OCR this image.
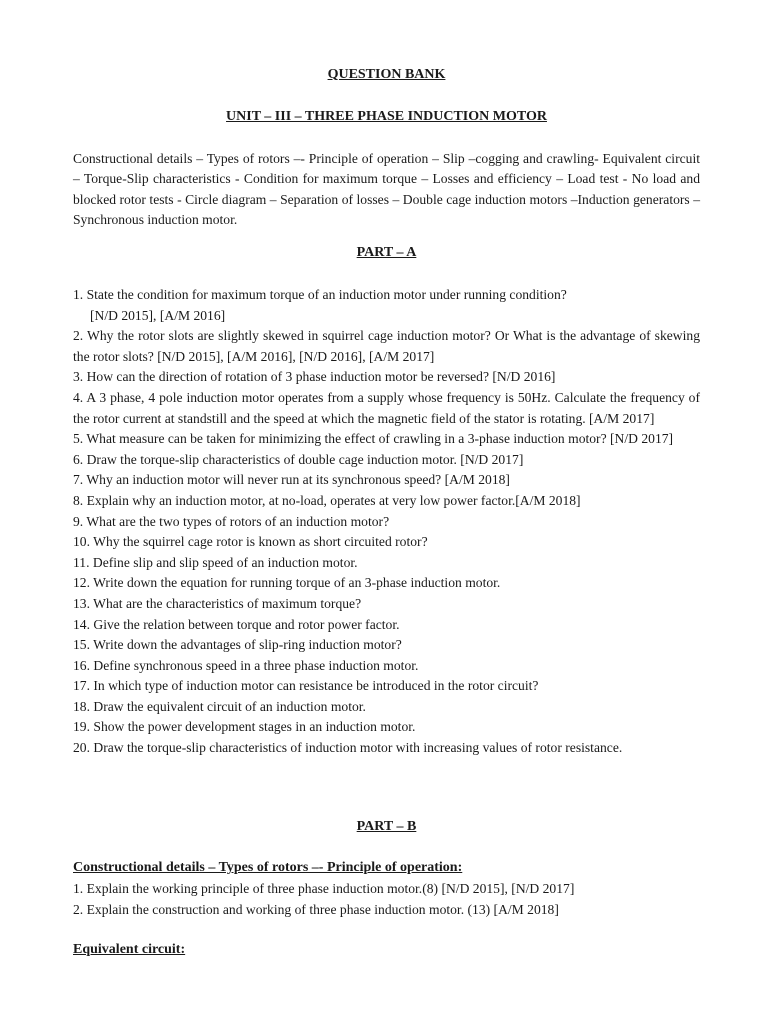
QUESTION BANK
UNIT – III – THREE PHASE INDUCTION MOTOR
Constructional details – Types of rotors –- Principle of operation – Slip –cogging and crawling- Equivalent circuit – Torque-Slip characteristics - Condition for maximum torque – Losses and efficiency – Load test - No load and blocked rotor tests - Circle diagram – Separation of losses – Double cage induction motors –Induction generators – Synchronous induction motor.
PART – A
1. State the condition for maximum torque of an induction motor under running condition?
[N/D 2015], [A/M 2016]
2. Why the rotor slots are slightly skewed in squirrel cage induction motor? Or What is the advantage of skewing the rotor slots? [N/D 2015], [A/M 2016], [N/D 2016], [A/M 2017]
3. How can the direction of rotation of 3 phase induction motor be reversed? [N/D 2016]
4. A 3 phase, 4 pole induction motor operates from a supply whose frequency is 50Hz. Calculate the frequency of the rotor current at standstill and the speed at which the magnetic field of the stator is rotating. [A/M 2017]
5. What measure can be taken for minimizing the effect of crawling in a 3-phase induction motor? [N/D 2017]
6. Draw the torque-slip characteristics of double cage induction motor. [N/D 2017]
7. Why an induction motor will never run at its synchronous speed? [A/M 2018]
8. Explain why an induction motor, at no-load, operates at very low power factor.[A/M 2018]
9. What are the two types of rotors of an induction motor?
10. Why the squirrel cage rotor is known as short circuited rotor?
11. Define slip and slip speed of an induction motor.
12. Write down the equation for running torque of an 3-phase induction motor.
13. What are the characteristics of maximum torque?
14. Give the relation between torque and rotor power factor.
15. Write down the advantages of slip-ring induction motor?
16. Define synchronous speed in a three phase induction motor.
17. In which type of induction motor can resistance be introduced in the rotor circuit?
18. Draw the equivalent circuit of an induction motor.
19. Show the power development stages in an induction motor.
20. Draw the torque-slip characteristics of induction motor with increasing values of rotor resistance.
PART – B
Constructional details – Types of rotors –- Principle of operation:
1. Explain the working principle of three phase induction motor.(8) [N/D 2015], [N/D 2017]
2. Explain the construction and working of three phase induction motor. (13) [A/M 2018]
Equivalent circuit:
